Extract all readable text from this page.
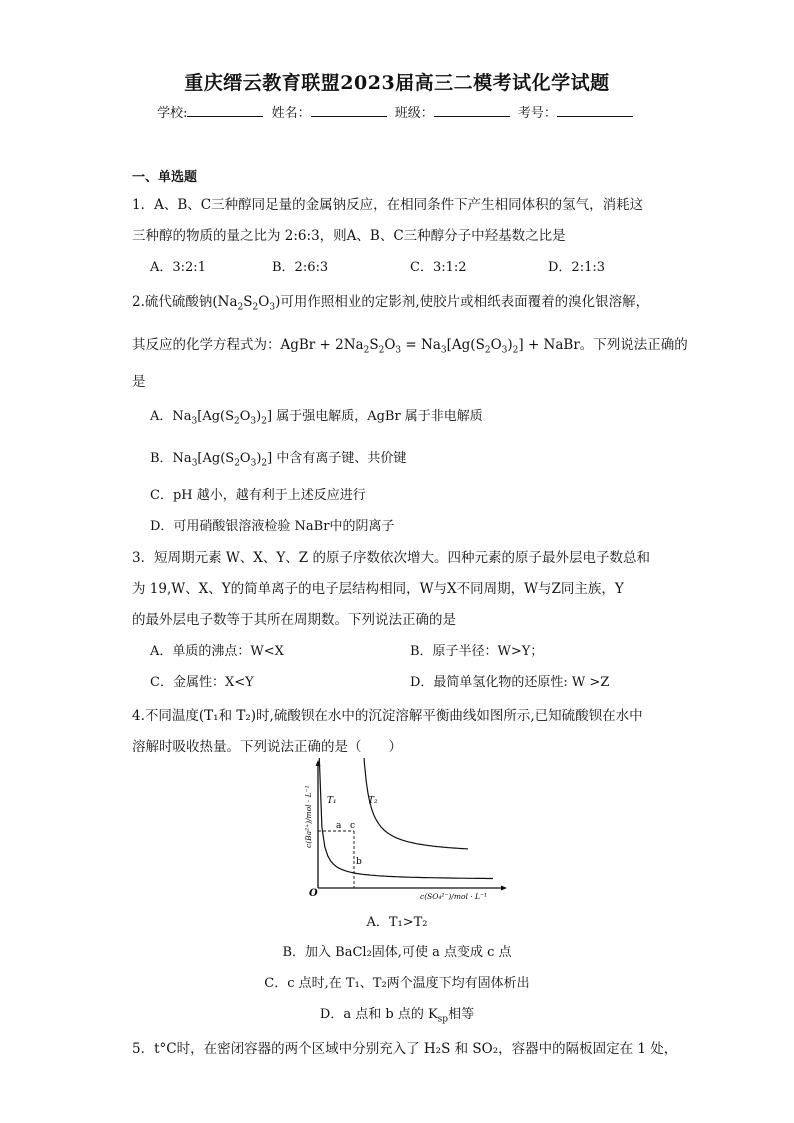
重庆缙云教育联盟2023届高三二模考试化学试题
学校:	姓名：	班级：	考号：
一、单选题
1．A、B、C三种醇同足量的金属钠反应，在相同条件下产生相同体积的氢气，消耗这
三种醇的物质的量之比为 2:6:3，则A、B、C三种醇分子中羟基数之比是
A．3:2:1	B．2:6:3	C．3:1:2	D．2:1:3
2.硫代硫酸钠$(Na_2S_2O_3)$可用作照相业的定影剂,使胶片或相纸表面覆着的溴化银溶解，
其反应的化学方程式为：AgBr + $2Na_2S_2O_3 = Na_3[Ag(S_2O_3)_2]$ + NaBr。下列说法正确的
是
A．$Na_3[Ag(S_2O_3)_2]$ 属于强电解质，AgBr 属于非电解质
B．$Na_3[Ag(S_2O_3)_2]$ 中含有离子键、共价键
C．pH 越小，越有利于上述反应进行
D．可用硝酸银溶液检验 NaBr中的阴离子
3．短周期元素 W、X、Y、Z 的原子序数依次增大。四种元素的原子最外层电子数总和
为 19,W、X、Y的简单离子的电子层结构相同，W与X不同周期，W与Z同主族，Y
的最外层电子数等于其所在周期数。下列说法正确的是
A．单质的沸点：W<X	B．原子半径：W>Y；
C．金属性：X<Y	D．最简单氢化物的还原性: W >Z
4.不同温度(T₁和 T₂)时,硫酸钡在水中的沉淀溶解平衡曲线如图所示,已知硫酸钡在水中
溶解时吸收热量。下列说法正确的是（　　）
O
c(Ba²⁺)/mol · L⁻¹
c(SO₄²⁻)/mol · L⁻¹
T₁	T₂
a c
b
A．T₁>T₂
B．加入 BaCl₂固体,可使 a 点变成 c 点
C．c 点时,在 T₁、T₂两个温度下均有固体析出
D．a 点和 b 点的 $K_{sp}$相等
5．t°C时，在密闭容器的两个区域中分别充入了 H₂S 和 SO₂，容器中的隔板固定在 1 处，
